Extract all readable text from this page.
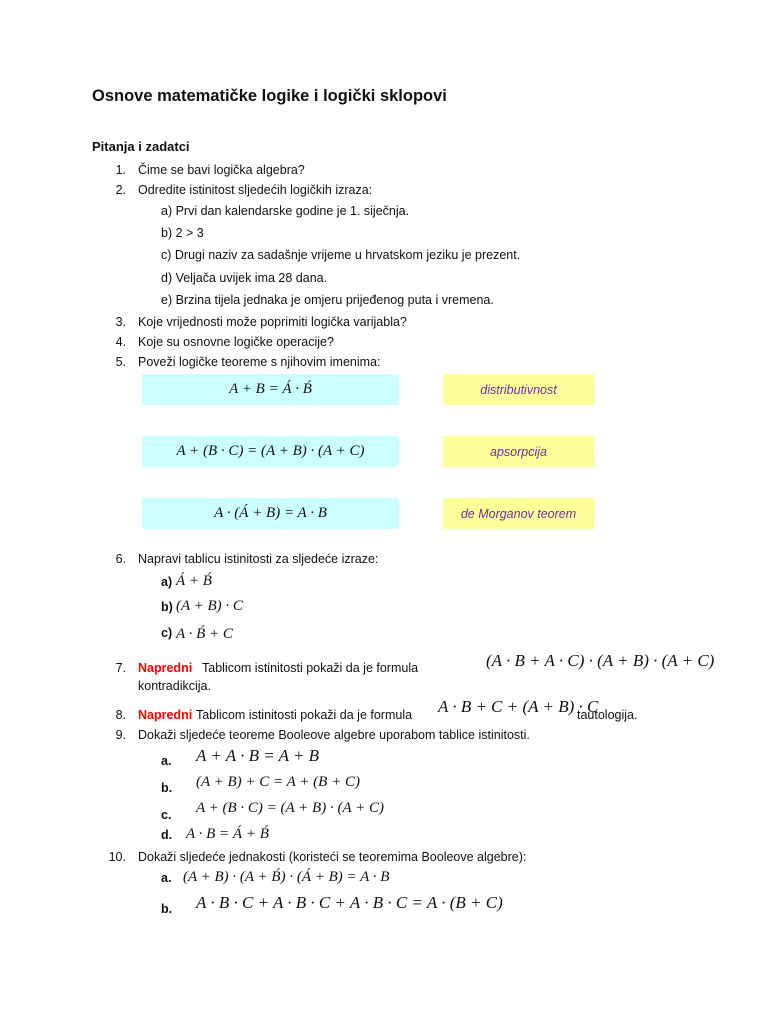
Osnove matematičke logike i logički sklopovi
Pitanja i zadatci
1. Čime se bavi logička algebra?
2. Odredite istinitost sljedećih logičkih izraza:
a) Prvi dan kalendarske godine je 1. siječnja.
b) 2 > 3
c) Drugi naziv za sadašnje vrijeme u hrvatskom jeziku je prezent.
d) Veljača uvijek ima 28 dana.
e) Brzina tijela jednaka je omjeru prijeđenog puta i vremena.
3. Koje vrijednosti može poprimiti logička varijabla?
4. Koje su osnovne logičke operacije?
5. Poveži logičke teoreme s njihovim imenima:
A + B = Á · B́	distributivnost
A + (B · C) = (A + B) · (A + C)	apsorpcija
A · (Á + B) = A · B	de Morganov teorem
6. Napravi tablicu istinitosti za sljedeće izraze:
a) Á + B́
b) (A + B) · C
c) A · B́ + C
7. Napredni Tablicom istinitosti pokaži da je formula	(A · B + A · C) · (A + B) · (A + C)
kontradikcija.
8. Napredni Tablicom istinitosti pokaži da je formula A · B + C + (A + B) · C
tautologija.
9. Dokaži sljedeće teoreme Booleove algebre uporabom tablice istinitosti.
a. A + A · B = A + B
b. (A + B) + C = A + (B + C)
c. A + (B · C) = (A + B) · (A + C)
d. A · B = Á + B́
10. Dokaži sljedeće jednakosti (koristeći se teoremima Booleove algebre):
a. (A + B) · (A + B́) · (Á + B) = A · B
b. A · B · C + A · B · C + A · B · C = A · (B + C)
